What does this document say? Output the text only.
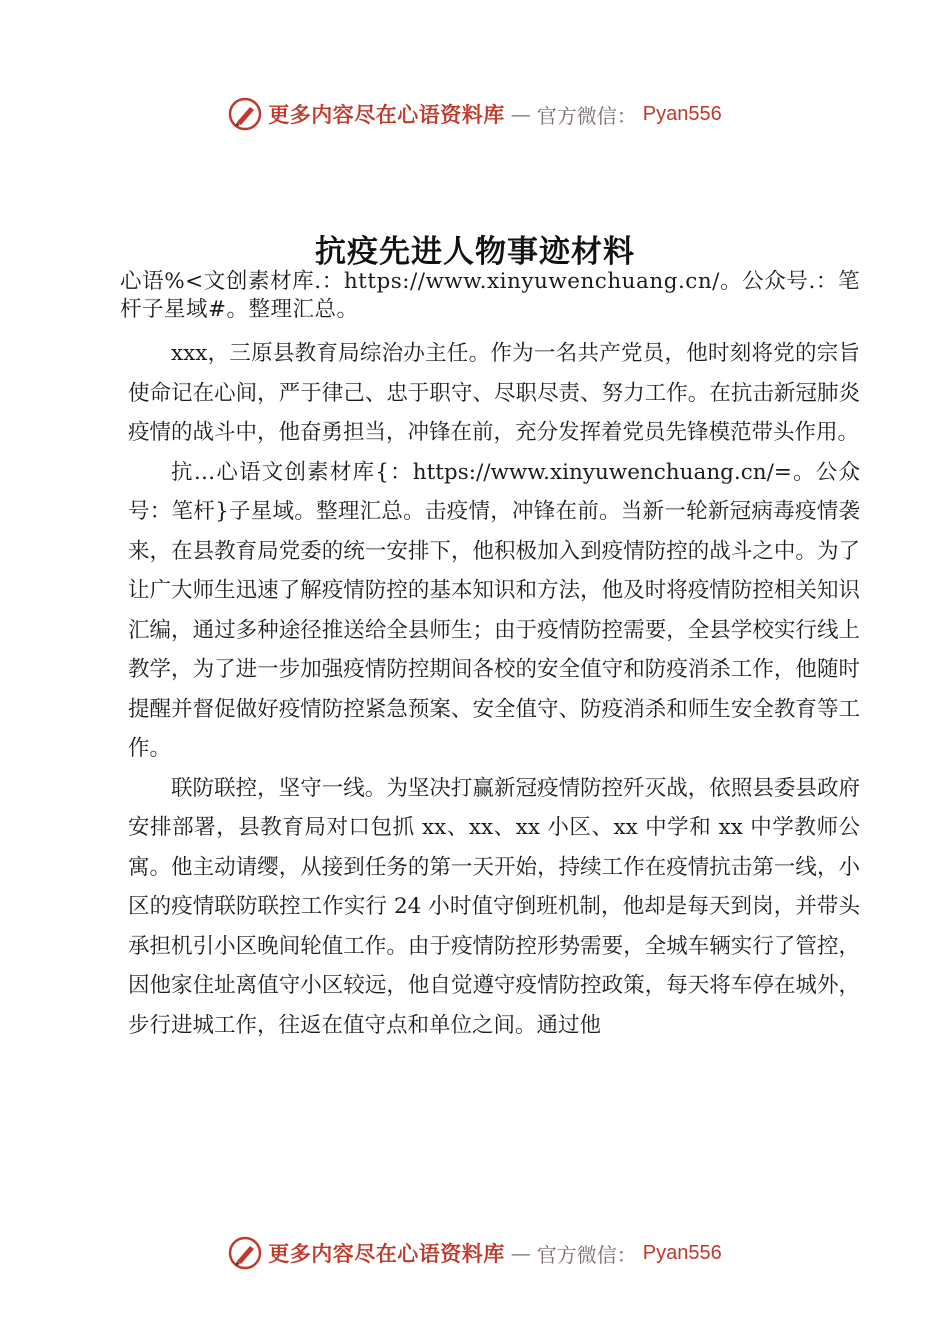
更多内容尽在心语资料库 — 官方微信： Pyan556
抗疫先进人物事迹材料

心语%<文创素材库.：https://www.xinyuwenchuang.cn/。公众号.：笔杆子星域#。整理汇总。

xxx，三原县教育局综治办主任。作为一名共产党员，他时刻将党的宗旨使命记在心间，严于律己、忠于职守、尽职尽责、努力工作。在抗击新冠肺炎疫情的战斗中，他奋勇担当，冲锋在前，充分发挥着党员先锋模范带头作用。

抗…心语文创素材库{：https://www.xinyuwenchuang.cn/=。公众号：笔杆}子星域。整理汇总。击疫情，冲锋在前。当新一轮新冠病毒疫情袭来，在县教育局党委的统一安排下，他积极加入到疫情防控的战斗之中。为了让广大师生迅速了解疫情防控的基本知识和方法，他及时将疫情防控相关知识汇编，通过多种途径推送给全县师生；由于疫情防控需要，全县学校实行线上教学，为了进一步加强疫情防控期间各校的安全值守和防疫消杀工作，他随时提醒并督促做好疫情防控紧急预案、安全值守、防疫消杀和师生安全教育等工作。

联防联控，坚守一线。为坚决打赢新冠疫情防控歼灭战，依照县委县政府安排部署，县教育局对口包抓 xx、xx、xx 小区、xx 中学和 xx 中学教师公寓。他主动请缨，从接到任务的第一天开始，持续工作在疫情抗击第一线，小区的疫情联防联控工作实行 24 小时值守倒班机制，他却是每天到岗，并带头承担机引小区晚间轮值工作。由于疫情防控形势需要，全城车辆实行了管控， 因他家住址离值守小区较远，他自觉遵守疫情防控政策，每天将车停在城外，步行进城工作，往返在值守点和单位之间。通过他

更多内容尽在心语资料库 — 官方微信： Pyan556
